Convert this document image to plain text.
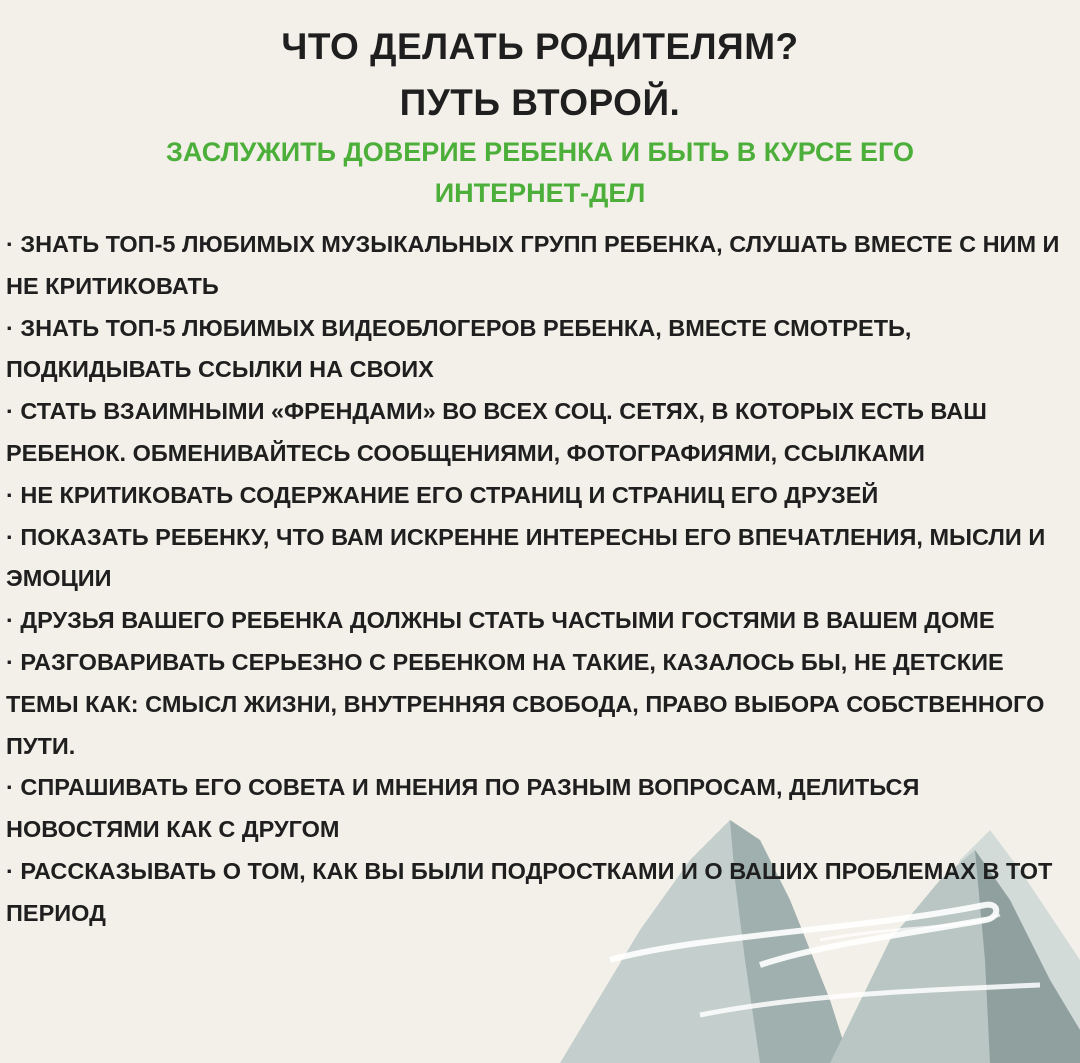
ЧТО ДЕЛАТЬ РОДИТЕЛЯМ?
ПУТЬ ВТОРОЙ.
ЗАСЛУЖИТЬ ДОВЕРИЕ РЕБЕНКА И БЫТЬ В КУРСЕ ЕГО ИНТЕРНЕТ-ДЕЛ
· ЗНАТЬ ТОП-5 ЛЮБИМЫХ МУЗЫКАЛЬНЫХ ГРУПП РЕБЕНКА, СЛУШАТЬ ВМЕСТЕ С НИМ И НЕ КРИТИКОВАТЬ
· ЗНАТЬ ТОП-5 ЛЮБИМЫХ ВИДЕОБЛОГЕРОВ РЕБЕНКА, ВМЕСТЕ СМОТРЕТЬ, ПОДКИДЫВАТЬ ССЫЛКИ НА СВОИХ
· СТАТЬ ВЗАИМНЫМИ «ФРЕНДАМИ» ВО ВСЕХ СОЦ. СЕТЯХ, В КОТОРЫХ ЕСТЬ ВАШ РЕБЕНОК. ОБМЕНИВАЙТЕСЬ СООБЩЕНИЯМИ, ФОТОГРАФИЯМИ, ССЫЛКАМИ
· НЕ КРИТИКОВАТЬ СОДЕРЖАНИЕ ЕГО СТРАНИЦ И СТРАНИЦ ЕГО ДРУЗЕЙ
· ПОКАЗАТЬ РЕБЕНКУ, ЧТО ВАМ ИСКРЕННЕ ИНТЕРЕСНЫ ЕГО ВПЕЧАТЛЕНИЯ, МЫСЛИ И ЭМОЦИИ
· ДРУЗЬЯ ВАШЕГО РЕБЕНКА ДОЛЖНЫ СТАТЬ ЧАСТЫМИ ГОСТЯМИ В ВАШЕМ ДОМЕ
· РАЗГОВАРИВАТЬ СЕРЬЕЗНО С РЕБЕНКОМ НА ТАКИЕ, КАЗАЛОСЬ БЫ, НЕ ДЕТСКИЕ ТЕМЫ КАК: СМЫСЛ ЖИЗНИ, ВНУТРЕННЯЯ СВОБОДА, ПРАВО ВЫБОРА СОБСТВЕННОГО ПУТИ.
· СПРАШИВАТЬ ЕГО СОВЕТА И МНЕНИЯ ПО РАЗНЫМ ВОПРОСАМ, ДЕЛИТЬСЯ НОВОСТЯМИ КАК С ДРУГОМ
· РАССКАЗЫВАТЬ О ТОМ, КАК ВЫ БЫЛИ ПОДРОСТКАМИ И О ВАШИХ ПРОБЛЕМАХ В ТОТ ПЕРИОД
